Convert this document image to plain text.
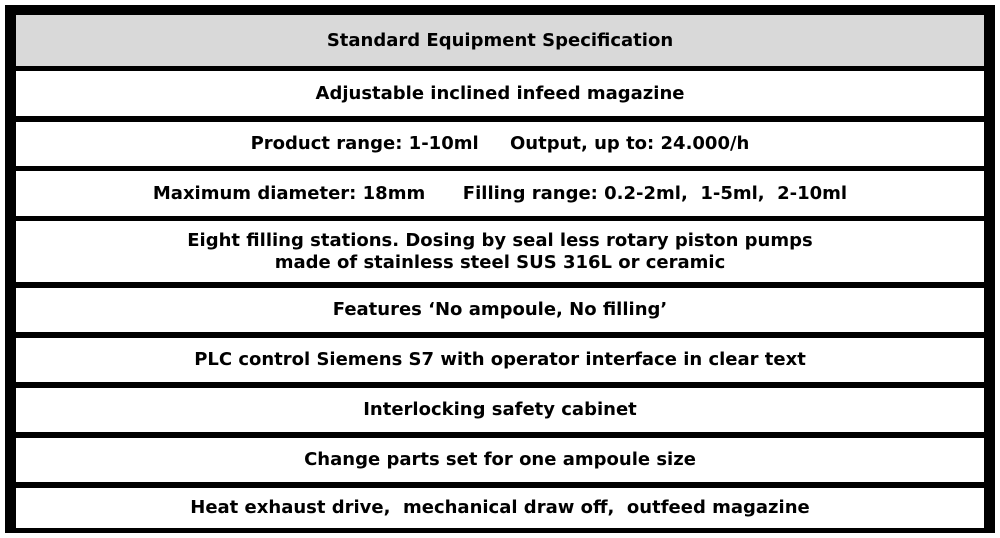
Standard Equipment Specification
Adjustable inclined infeed magazine
Product range: 1-10ml     Output, up to: 24.000/h
Maximum diameter: 18mm      Filling range: 0.2-2ml,  1-5ml,  2-10ml
Eight filling stations. Dosing by seal less rotary piston pumps
made of stainless steel SUS 316L or ceramic
Features ‘No ampoule, No filling’
PLC control Siemens S7 with operator interface in clear text
Interlocking safety cabinet
Change parts set for one ampoule size
Heat exhaust drive,  mechanical draw off,  outfeed magazine
